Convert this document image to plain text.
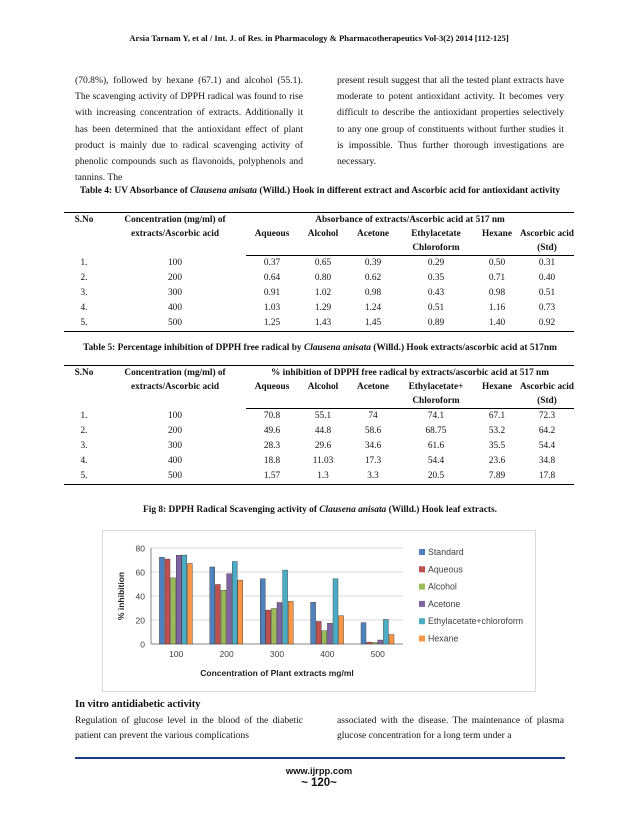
Arsia Tarnam Y, et al / Int. J. of Res. in Pharmacology & Pharmacotherapeutics Vol-3(2) 2014 [112-125]
(70.8%), followed by hexane (67.1) and alcohol (55.1). The scavenging activity of DPPH radical was found to rise with increasing concentration of extracts. Additionally it has been determined that the antioxidant effect of plant product is mainly due to radical scavenging activity of phenolic compounds such as flavonoids, polyphenols and tannins. The
present result suggest that all the tested plant extracts have moderate to potent antioxidant activity. It becomes very difficult to describe the antioxidant properties selectively to any one group of constituents without further studies it is impossible. Thus further thorough investigations are necessary.
Table 4: UV Absorbance of Clausena anisata (Willd.) Hook in different extract and Ascorbic acid for antioxidant activity
S.No	Concentration (mg/ml) of extracts/Ascorbic acid	Absorbance of extracts/Ascorbic acid at 517 nm					
		Aqueous	Alcohol	Acetone	Ethylacetate Chloroform	Hexane	Ascorbic acid (Std)
1.	100	0.37	0.65	0.39	0.29	0.50	0.31
2.	200	0.64	0.80	0.62	0.35	0.71	0.40
3.	300	0.91	1.02	0.98	0.43	0.98	0.51
4.	400	1.03	1.29	1.24	0.51	1.16	0.73
5.	500	1.25	1.43	1.45	0.89	1.40	0.92
Table 5: Percentage inhibition of DPPH free radical by Clausena anisata (Willd.) Hook extracts/ascorbic acid at 517nm
S.No	Concentration (mg/ml) of extracts/Ascorbic acid	% inhibition of DPPH free radical by extracts/ascorbic acid at 517 nm					
		Aqueous	Alcohol	Acetone	Ethylacetate+ Chloroform	Hexane	Ascorbic acid (Std)
1.	100	70.8	55.1	74	74.1	67.1	72.3
2.	200	49.6	44.8	58.6	68.75	53.2	64.2
3.	300	28.3	29.6	34.6	61.6	35.5	54.4
4.	400	18.8	11.03	17.3	54.4	23.6	34.8
5.	500	1.57	1.3	3.3	20.5	7.89	17.8
Fig 8: DPPH Radical Scavenging activity of Clausena anisata (Willd.) Hook leaf extracts.
0
20
40
60
80
100	200	300	400	500
% inhibition
Concentration of Plant extracts mg/ml
Standard
Aqueous
Alcohol
Acetone
Ethylacetate+chloroform
Hexane
In vitro antidiabetic activity
Regulation of glucose level in the blood of the diabetic patient can prevent the various complications
associated with the disease. The maintenance of plasma glucose concentration for a long term under a
www.ijrpp.com
~ 120~
